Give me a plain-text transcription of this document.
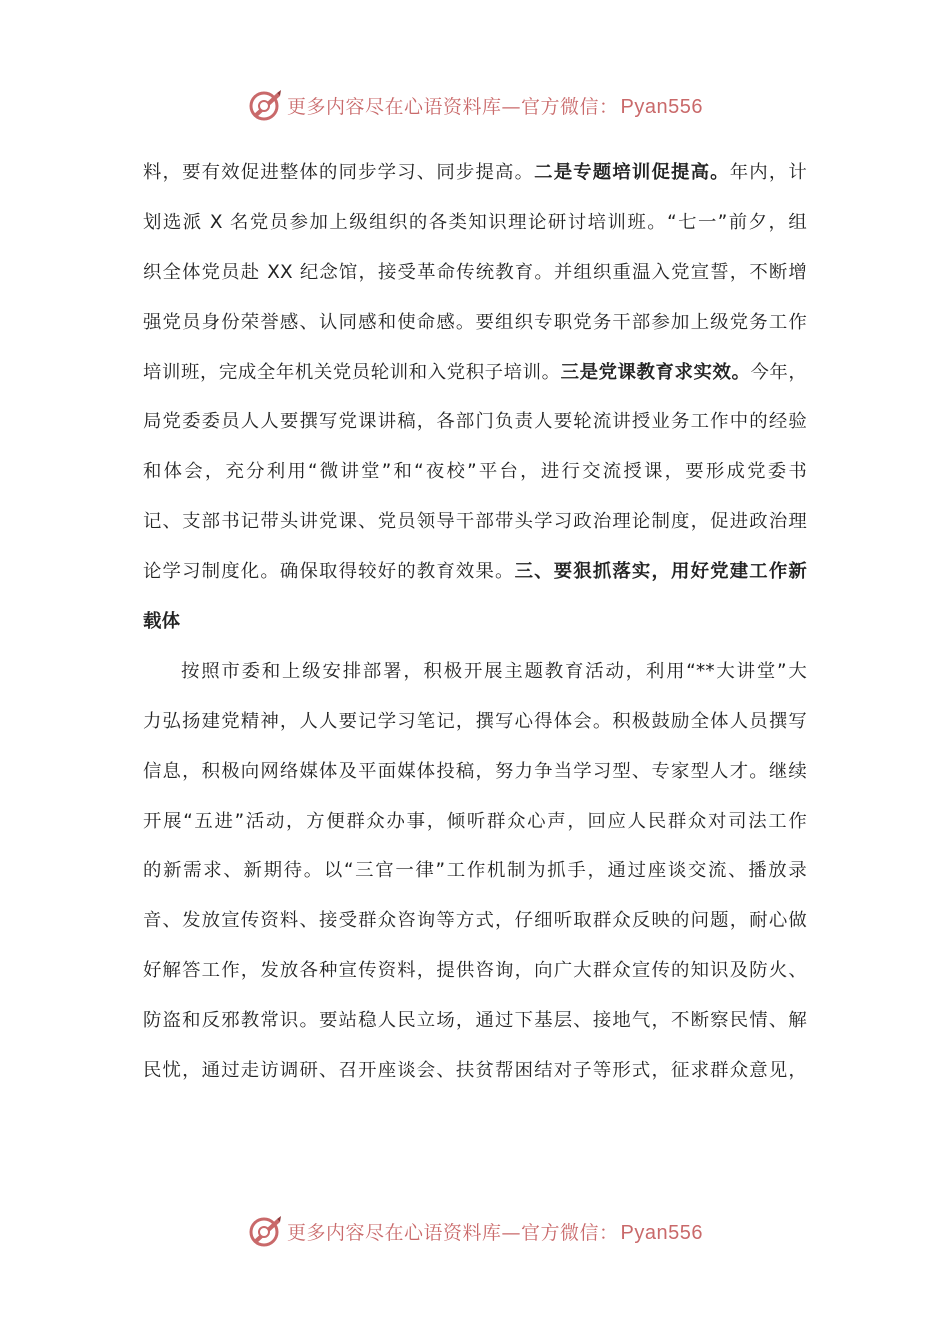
更多内容尽在心语资料库—官方微信： Pyan556
料，要有效促进整体的同步学习、同步提高。二是专题培训促提高。年内，计
划选派 X 名党员参加上级组织的各类知识理论研讨培训班。“七一”前夕，组
织全体党员赴 XX 纪念馆，接受革命传统教育。并组织重温入党宣誓，不断增
强党员身份荣誉感、认同感和使命感。要组织专职党务干部参加上级党务工作
培训班，完成全年机关党员轮训和入党积子培训。三是党课教育求实效。今年，
局党委委员人人要撰写党课讲稿，各部门负责人要轮流讲授业务工作中的经验
和体会，充分利用“微讲堂”和“夜校”平台，进行交流授课，要形成党委书
记、支部书记带头讲党课、党员领导干部带头学习政治理论制度，促进政治理
论学习制度化。确保取得较好的教育效果。三、要狠抓落实，用好党建工作新
载体
按照市委和上级安排部署，积极开展主题教育活动，利用“**大讲堂”大
力弘扬建党精神，人人要记学习笔记，撰写心得体会。积极鼓励全体人员撰写
信息，积极向网络媒体及平面媒体投稿，努力争当学习型、专家型人才。继续
开展“五进”活动，方便群众办事，倾听群众心声，回应人民群众对司法工作
的新需求、新期待。以“三官一律”工作机制为抓手，通过座谈交流、播放录
音、发放宣传资料、接受群众咨询等方式，仔细听取群众反映的问题，耐心做
好解答工作，发放各种宣传资料，提供咨询，向广大群众宣传的知识及防火、
防盗和反邪教常识。要站稳人民立场，通过下基层、接地气，不断察民情、解
民忧，通过走访调研、召开座谈会、扶贫帮困结对子等形式，征求群众意见，
更多内容尽在心语资料库—官方微信： Pyan556
